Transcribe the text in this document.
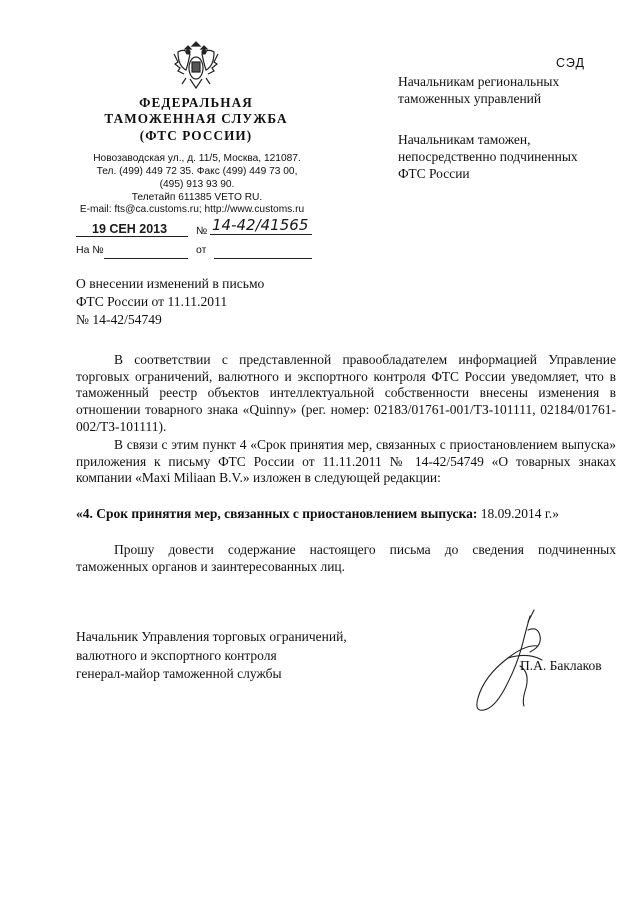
ФЕДЕРАЛЬНАЯ
ТАМОЖЕННАЯ СЛУЖБА
(ФТС РОССИИ)
Новозаводская ул., д. 11/5, Москва, 121087.
Тел. (499) 449 72 35. Факс (499) 449 73 00,
(495) 913 93 90.
Телетайп 611385 VETO RU.
E-mail: fts@ca.customs.ru; http://www.customs.ru
19 СЕН 2013	№ 14-42/41565
На №	от
СЭД
Начальникам региональных
таможенных управлений
Начальникам таможен,
непосредственно подчиненных
ФТС России
О внесении изменений в письмо
ФТС России от 11.11.2011
№ 14-42/54749
В соответствии с представленной правообладателем информацией Управление торговых ограничений, валютного и экспортного контроля ФТС России уведомляет, что в таможенный реестр объектов интеллектуальной собственности внесены изменения в отношении товарного знака «Quinny» (рег. номер: 02183/01761-001/ТЗ-101111, 02184/01761-002/ТЗ-101111).
В связи с этим пункт 4 «Срок принятия мер, связанных с приостановлением выпуска» приложения к письму ФТС России от 11.11.2011 № 14-42/54749 «О товарных знаках компании «Maxi Miliaan B.V.» изложен в следующей редакции:
«4. Срок принятия мер, связанных с приостановлением выпуска: 18.09.2014 г.»
Прошу довести содержание настоящего письма до сведения подчиненных таможенных органов и заинтересованных лиц.
Начальник Управления торговых ограничений,
валютного и экспортного контроля
генерал-майор таможенной службы
П.А. Баклаков
